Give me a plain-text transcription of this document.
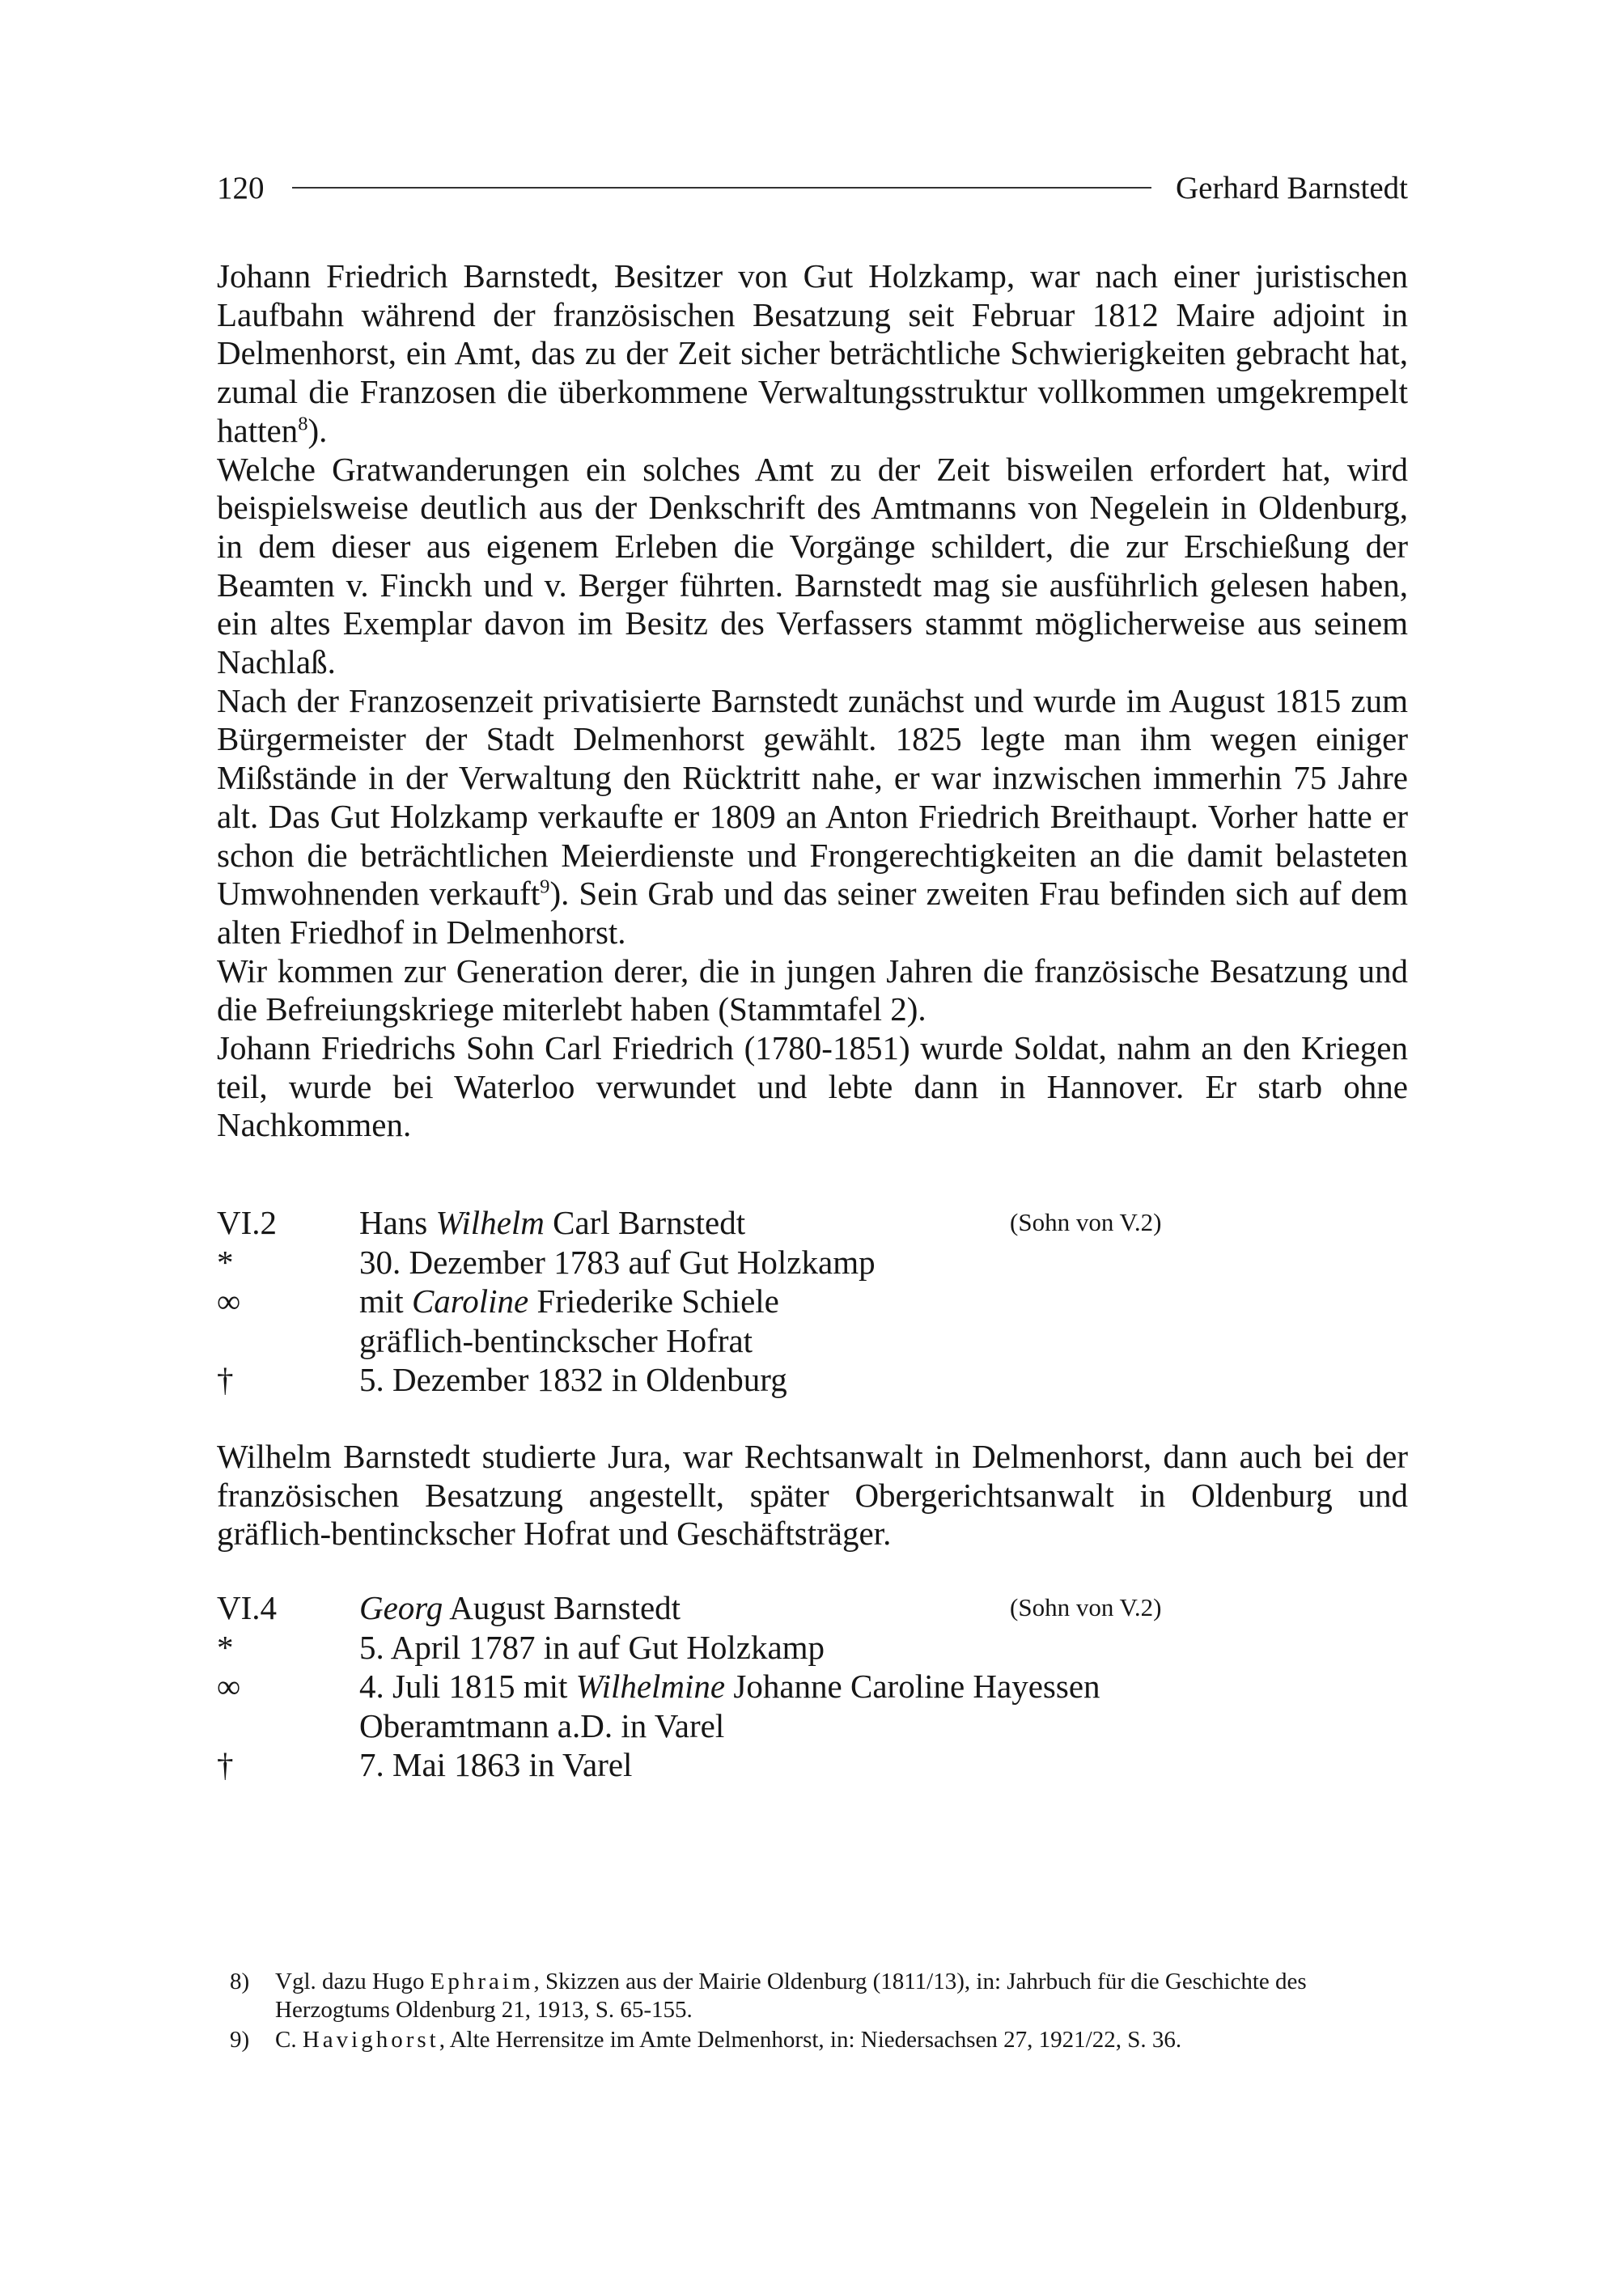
120	Gerhard Barnstedt

Johann Friedrich Barnstedt, Besitzer von Gut Holzkamp, war nach einer juristischen Laufbahn während der französischen Besatzung seit Februar 1812 Maire adjoint in Delmenhorst, ein Amt, das zu der Zeit sicher beträchtliche Schwierigkeiten gebracht hat, zumal die Franzosen die überkommene Verwaltungsstruktur vollkommen umgekrempelt hatten$^8$).

Welche Gratwanderungen ein solches Amt zu der Zeit bisweilen erfordert hat, wird beispielsweise deutlich aus der Denkschrift des Amtmanns von Negelein in Oldenburg, in dem dieser aus eigenem Erleben die Vorgänge schildert, die zur Erschießung der Beamten v. Finckh und v. Berger führten. Barnstedt mag sie ausführlich gelesen haben, ein altes Exemplar davon im Besitz des Verfassers stammt möglicherweise aus seinem Nachlaß.

Nach der Franzosenzeit privatisierte Barnstedt zunächst und wurde im August 1815 zum Bürgermeister der Stadt Delmenhorst gewählt. 1825 legte man ihm wegen einiger Mißstände in der Verwaltung den Rücktritt nahe, er war inzwischen immerhin 75 Jahre alt. Das Gut Holzkamp verkaufte er 1809 an Anton Friedrich Breithaupt. Vorher hatte er schon die beträchtlichen Meierdienste und Frongerechtigkeiten an die damit belasteten Umwohnenden verkauft$^9$). Sein Grab und das seiner zweiten Frau befinden sich auf dem alten Friedhof in Delmenhorst.

Wir kommen zur Generation derer, die in jungen Jahren die französische Besatzung und die Befreiungskriege miterlebt haben (Stammtafel 2).

Johann Friedrichs Sohn Carl Friedrich (1780-1851) wurde Soldat, nahm an den Kriegen teil, wurde bei Waterloo verwundet und lebte dann in Hannover. Er starb ohne Nachkommen.

VI.2 Hans Wilhelm Carl Barnstedt	(Sohn von V.2)
*	30. Dezember 1783 auf Gut Holzkamp
∞	mit Caroline Friederike Schiele
gräflich-bentinckscher Hofrat
†	5. Dezember 1832 in Oldenburg

Wilhelm Barnstedt studierte Jura, war Rechtsanwalt in Delmenhorst, dann auch bei der französischen Besatzung angestellt, später Obergerichtsanwalt in Oldenburg und gräflich-bentinckscher Hofrat und Geschäftsträger.

VI.4 Georg August Barnstedt	(Sohn von V.2)
*	5. April 1787 in auf Gut Holzkamp
∞	4. Juli 1815 mit Wilhelmine Johanne Caroline Hayessen
Oberamtmann a.D. in Varel
†	7. Mai 1863 in Varel
8) Vgl. dazu Hugo Ephraim, Skizzen aus der Mairie Oldenburg (1811/13), in: Jahrbuch für die Geschichte des Herzogtums Oldenburg 21, 1913, S. 65-155.
9) C. Havighorst, Alte Herrensitze im Amte Delmenhorst, in: Niedersachsen 27, 1921/22, S. 36.
